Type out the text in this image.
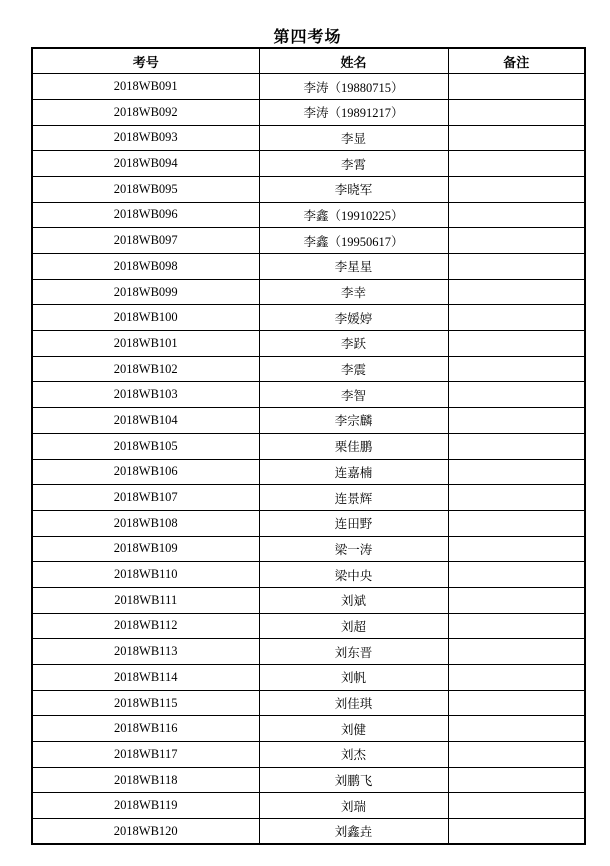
第四考场
考号	姓名	备注
2018WB091	李涛（19880715）	
2018WB092	李涛（19891217）	
2018WB093	李显	
2018WB094	李霄	
2018WB095	李晓军	
2018WB096	李鑫（19910225）	
2018WB097	李鑫（19950617）	
2018WB098	李星星	
2018WB099	李幸	
2018WB100	李媛婷	
2018WB101	李跃	
2018WB102	李震	
2018WB103	李智	
2018WB104	李宗麟	
2018WB105	栗佳鹏	
2018WB106	连嘉楠	
2018WB107	连景辉	
2018WB108	连田野	
2018WB109	梁一涛	
2018WB110	梁中央	
2018WB111	刘斌	
2018WB112	刘超	
2018WB113	刘东晋	
2018WB114	刘帆	
2018WB115	刘佳琪	
2018WB116	刘健	
2018WB117	刘杰	
2018WB118	刘鹏飞	
2018WB119	刘瑞	
2018WB120	刘鑫垚	
